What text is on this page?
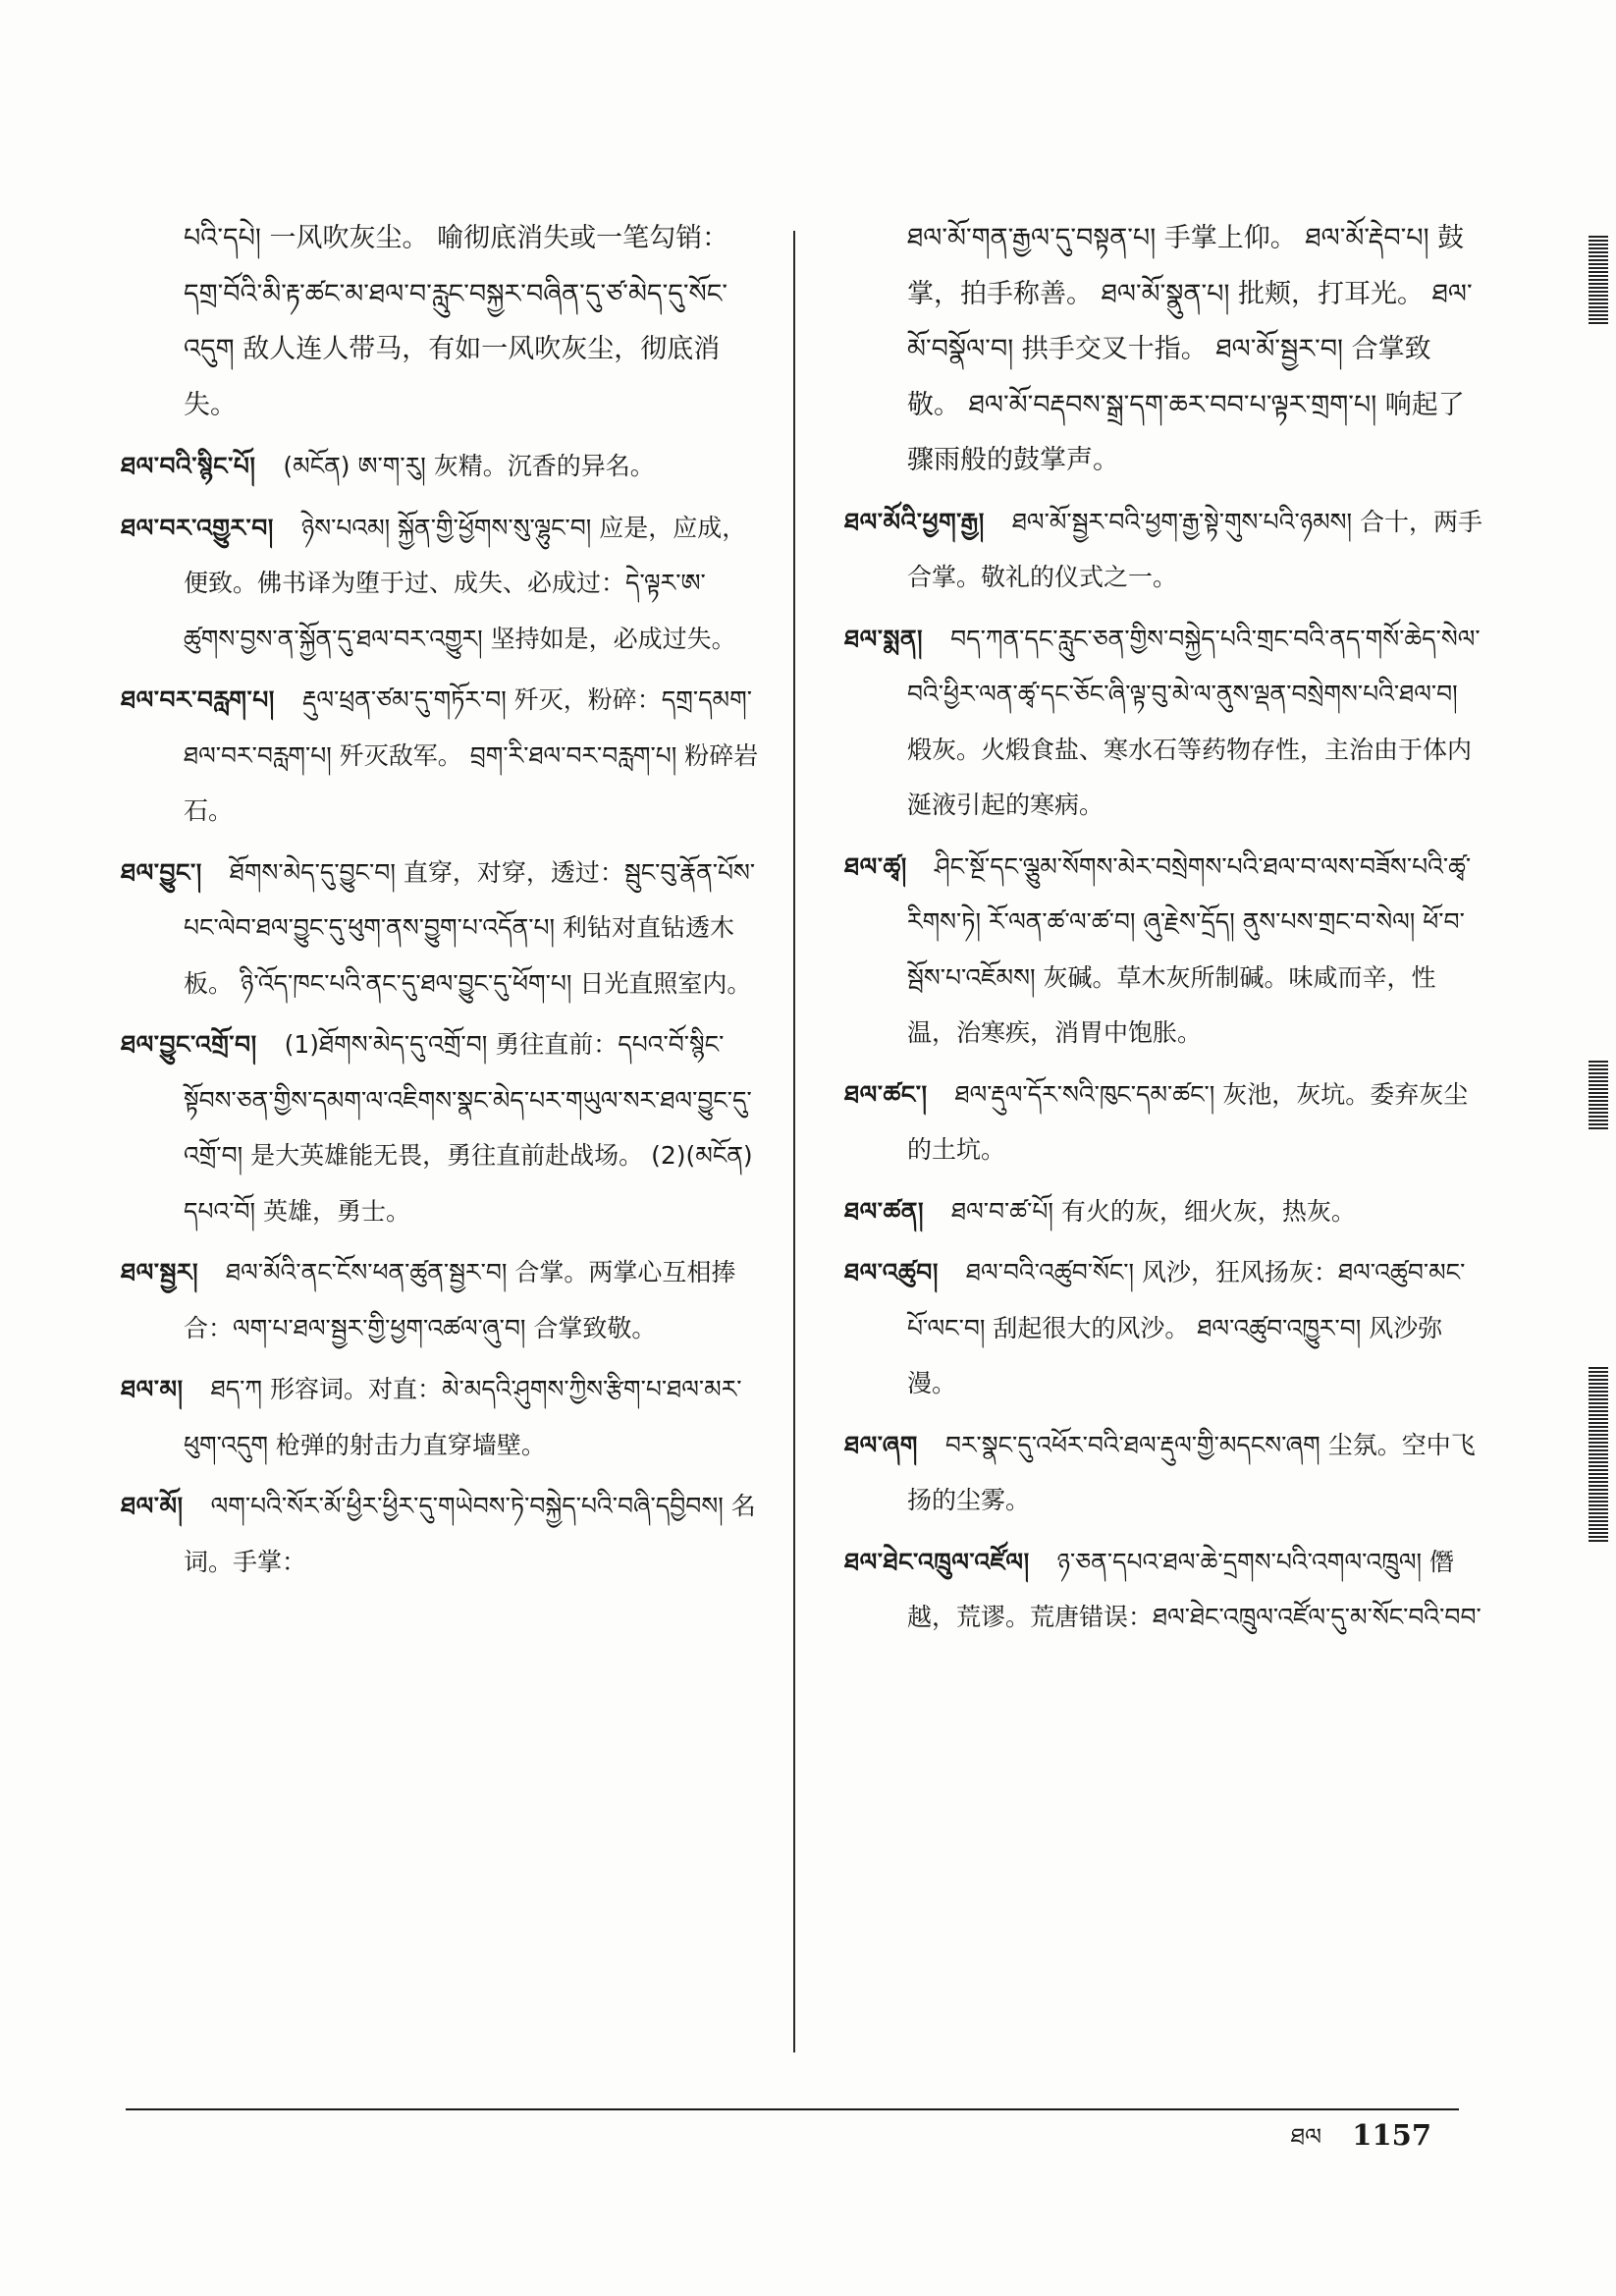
པའི་དཔེ། 一风吹灰尘。 喻彻底消失或一笔勾销：དགྲ་བོའི་མི་རྟ་ཚང་མ་ཐལ་བ་རླུང་བསྐྱར་བཞིན་དུ་ཙ་མེད་དུ་སོང་འདུག 敌人连人带马，有如一风吹灰尘，彻底消失。
ཐལ་བའི་སྙིང་པོ། (མངོན) ཨ་ག་རུ། 灰精。沉香的异名。
ཐལ་བར་འགྱུར་བ། ཉེས་པའམ། སྐྱོན་གྱི་ཕྱོགས་སུ་ལྷུང་བ། 应是，应成，便致。佛书译为堕于过、成失、必成过：དེ་ལྟར་ཨ་ཚུགས་བྱས་ན་སྐྱོན་དུ་ཐལ་བར་འགྱུར། 坚持如是，必成过失。
ཐལ་བར་བརླག་པ། རྡུལ་ཕྲན་ཙམ་དུ་གཏོར་བ། 歼灭，粉碎：དགྲ་དམག་ཐལ་བར་བརླག་པ། 歼灭敌军。 བྲག་རི་ཐལ་བར་བརླག་པ། 粉碎岩石。
ཐལ་བྱུང་། ཐོགས་མེད་དུ་བྱུང་བ། 直穿，对穿，透过：སྦུང་བུ་རྣོན་པོས་པང་ལེབ་ཐལ་བྱུང་དུ་ཕུག་ནས་བྱུག་པ་འདོན་པ། 利钻对直钻透木板。 ཉི་འོད་ཁང་པའི་ནང་དུ་ཐལ་བྱུང་དུ་ཕོག་པ། 日光直照室内。
ཐལ་བྱུང་འགྲོ་བ། (1)ཐོགས་མེད་དུ་འགྲོ་བ། 勇往直前：དཔའ་བོ་སྙིང་སྟོབས་ཅན་གྱིས་དམག་ལ་འཇིགས་སྣང་མེད་པར་གཡུལ་སར་ཐལ་བྱུང་དུ་འགྲོ་བ། 是大英雄能无畏，勇往直前赴战场。 (2)(མངོན) དཔའ་བོ། 英雄，勇士。
ཐལ་སྦྱར། ཐལ་མོའི་ནང་ངོས་ཕན་ཚུན་སྦྱར་བ། 合掌。两掌心互相捧合：ལག་པ་ཐལ་སྦྱར་གྱི་ཕྱག་འཚལ་ཞུ་བ། 合掌致敬。
ཐལ་མ། ཐད་ཀ 形容词。对直：མེ་མདའི་ཤུགས་ཀྱིས་རྩིག་པ་ཐལ་མར་ཕུག་འདུག 枪弹的射击力直穿墙壁。
ཐལ་མོ། ལག་པའི་སོར་མོ་ཕྱིར་ཕྱིར་དུ་གཡེབས་ཏེ་བསྐྱེད་པའི་བཞི་དབྱིབས། 名词。手掌：
ཐལ་མོ་གན་རྒྱལ་དུ་བསྟན་པ། 手掌上仰。 ཐལ་མོ་རྡེབ་པ། 鼓掌，拍手称善。 ཐལ་མོ་སྣུན་པ། 批颊，打耳光。 ཐལ་མོ་བསྣོལ་བ། 拱手交叉十指。 ཐལ་མོ་སྦྱར་བ། 合掌致敬。 ཐལ་མོ་བརྡབས་སྒྲ་དག་ཆར་བབ་པ་ལྟར་གྲག་པ། 响起了骤雨般的鼓掌声。
ཐལ་མོའི་ཕྱག་རྒྱ། ཐལ་མོ་སྦྱར་བའི་ཕྱག་རྒྱ་སྟེ་གུས་པའི་ཉམས། 合十，两手合掌。敬礼的仪式之一。
ཐལ་སྨན། བད་ཀན་དང་རླུང་ཅན་གྱིས་བསྐྱེད་པའི་གྲང་བའི་ནད་གསོ་ཆེད་སེལ་བའི་ཕྱིར་ལན་ཚྭ་དང་ཅོང་ཞི་ལྟ་བུ་མེ་ལ་ནུས་ལྡན་བསྲེགས་པའི་ཐལ་བ། 煅灰。火煅食盐、寒水石等药物存性，主治由于体内涎液引起的寒病。
ཐལ་ཚྭ། ཤིང་སྔོ་དང་ལྕུམ་སོགས་མེར་བསྲེགས་པའི་ཐལ་བ་ལས་བཟོས་པའི་ཚྭ་རིགས་ཏེ། རོ་ལན་ཚ་ལ་ཚ་བ། ཞུ་རྗེས་དྲོད། ནུས་པས་གྲང་བ་སེལ། ཕོ་བ་སྦོས་པ་འཇོམས། 灰碱。草木灰所制碱。味咸而辛，性温，治寒疾，消胃中饱胀。
ཐལ་ཚང་། ཐལ་རྡུལ་དོར་སའི་ཁུང་དམ་ཚང་། 灰池，灰坑。委弃灰尘的土坑。
ཐལ་ཚན། ཐལ་བ་ཚ་པོ། 有火的灰，细火灰，热灰。
ཐལ་འཚུབ། ཐལ་བའི་འཚུབ་སོང་། 风沙，狂风扬灰：ཐལ་འཚུབ་མང་པོ་ལང་བ། 刮起很大的风沙。 ཐལ་འཚུབ་འཁྱུར་བ། 风沙弥漫。
ཐལ་ཞག བར་སྣང་དུ་འཕོར་བའི་ཐལ་རྡུལ་གྱི་མདངས་ཞག 尘氛。空中飞扬的尘雾。
ཐལ་ཐེང་འཁྲུལ་འཛོལ། ཉ་ཅན་དཔའ་ཐལ་ཆེ་དྲགས་པའི་འགལ་འཁྲུལ། 僭越，荒谬。荒唐错误：ཐལ་ཐེང་འཁྲུལ་འཛོལ་དུ་མ་སོང་བའི་བབ་
ཐལ 1157
